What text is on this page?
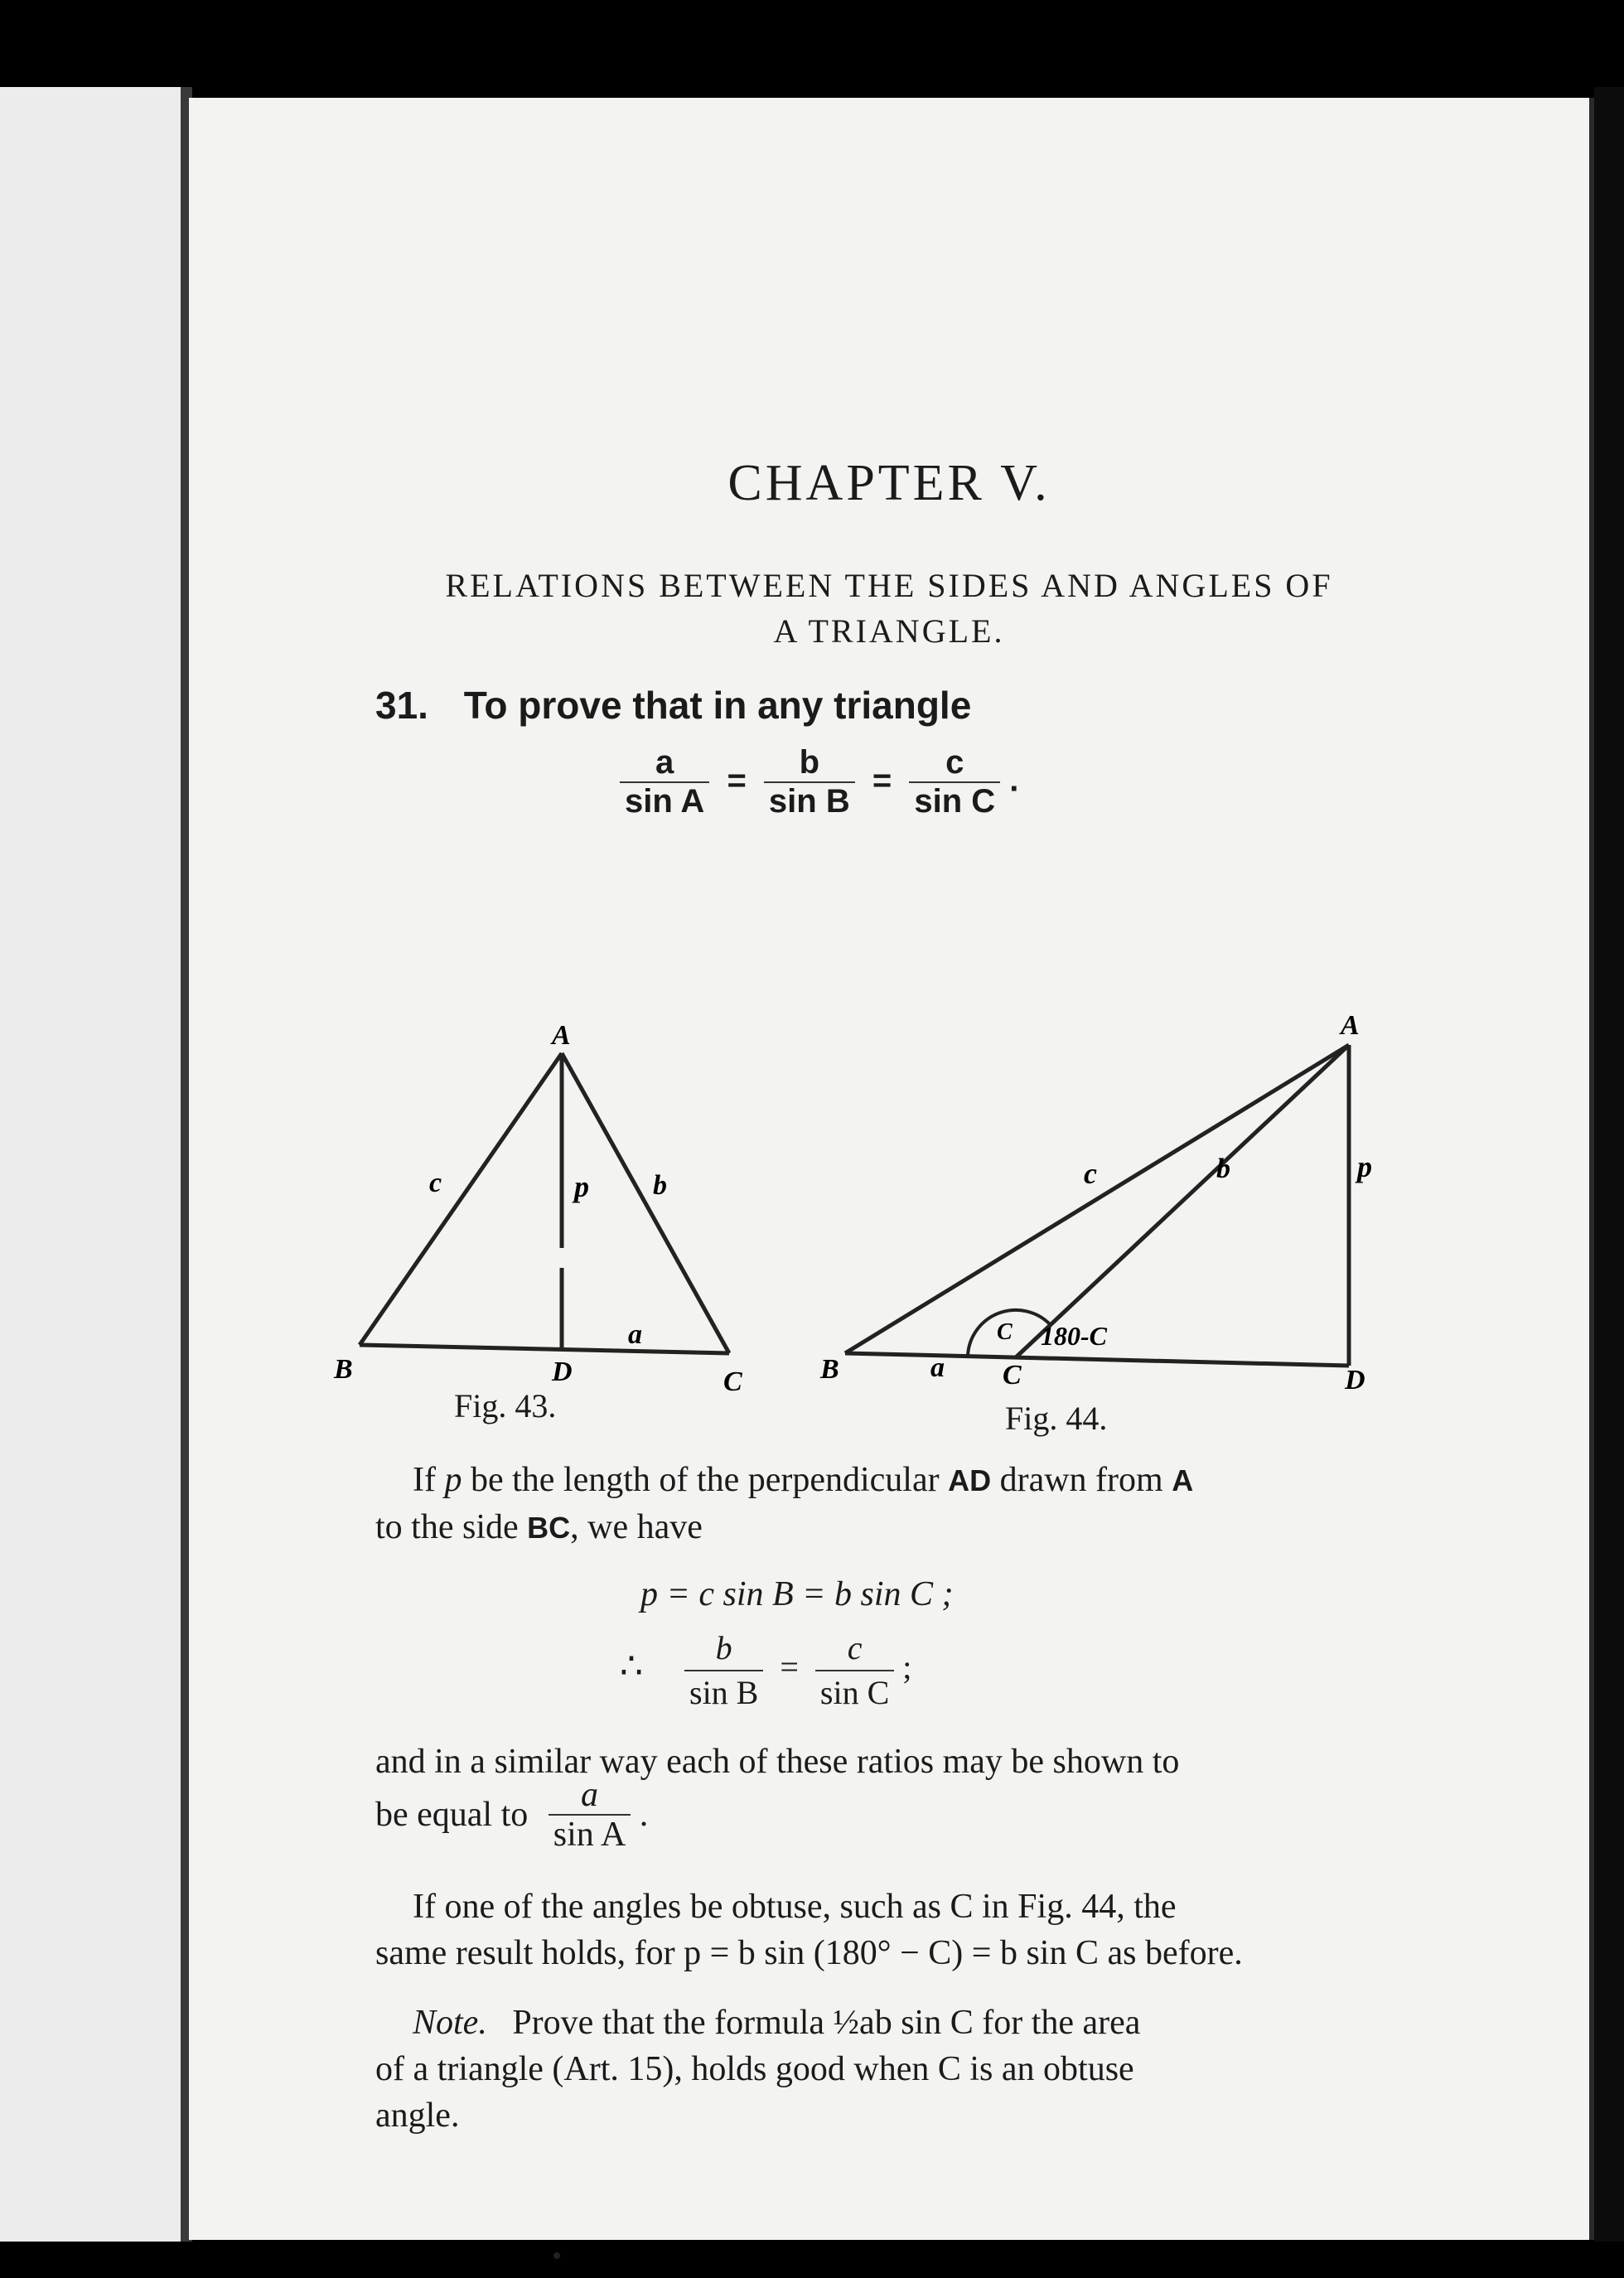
CHAPTER V.
RELATIONS BETWEEN THE SIDES AND ANGLES OF
A TRIANGLE.
31. To prove that in any triangle
$\frac{a}{\text{sin A}} = \frac{b}{\text{sin B}} = \frac{c}{\text{sin C}}$ .
A
B	C
D
c	b
p
a
Fig. 43.
A
B	C	D
c	b	p
a
C 180-C
Fig. 44.
If p be the length of the perpendicular AD drawn from A
to the side BC, we have
p = c sin B = b sin C ;
∴ $\frac{b}{\text{sin B}} = \frac{c}{\text{sin C}}$ ;
and in a similar way each of these ratios may be shown to
be equal to $\frac{a}{\text{sin A}}$ .
If one of the angles be obtuse, such as C in Fig. 44, the
same result holds, for p = b sin (180° − C) = b sin C as before.
Note. Prove that the formula ½ab sin C for the area
of a triangle (Art. 15), holds good when C is an obtuse
angle.
